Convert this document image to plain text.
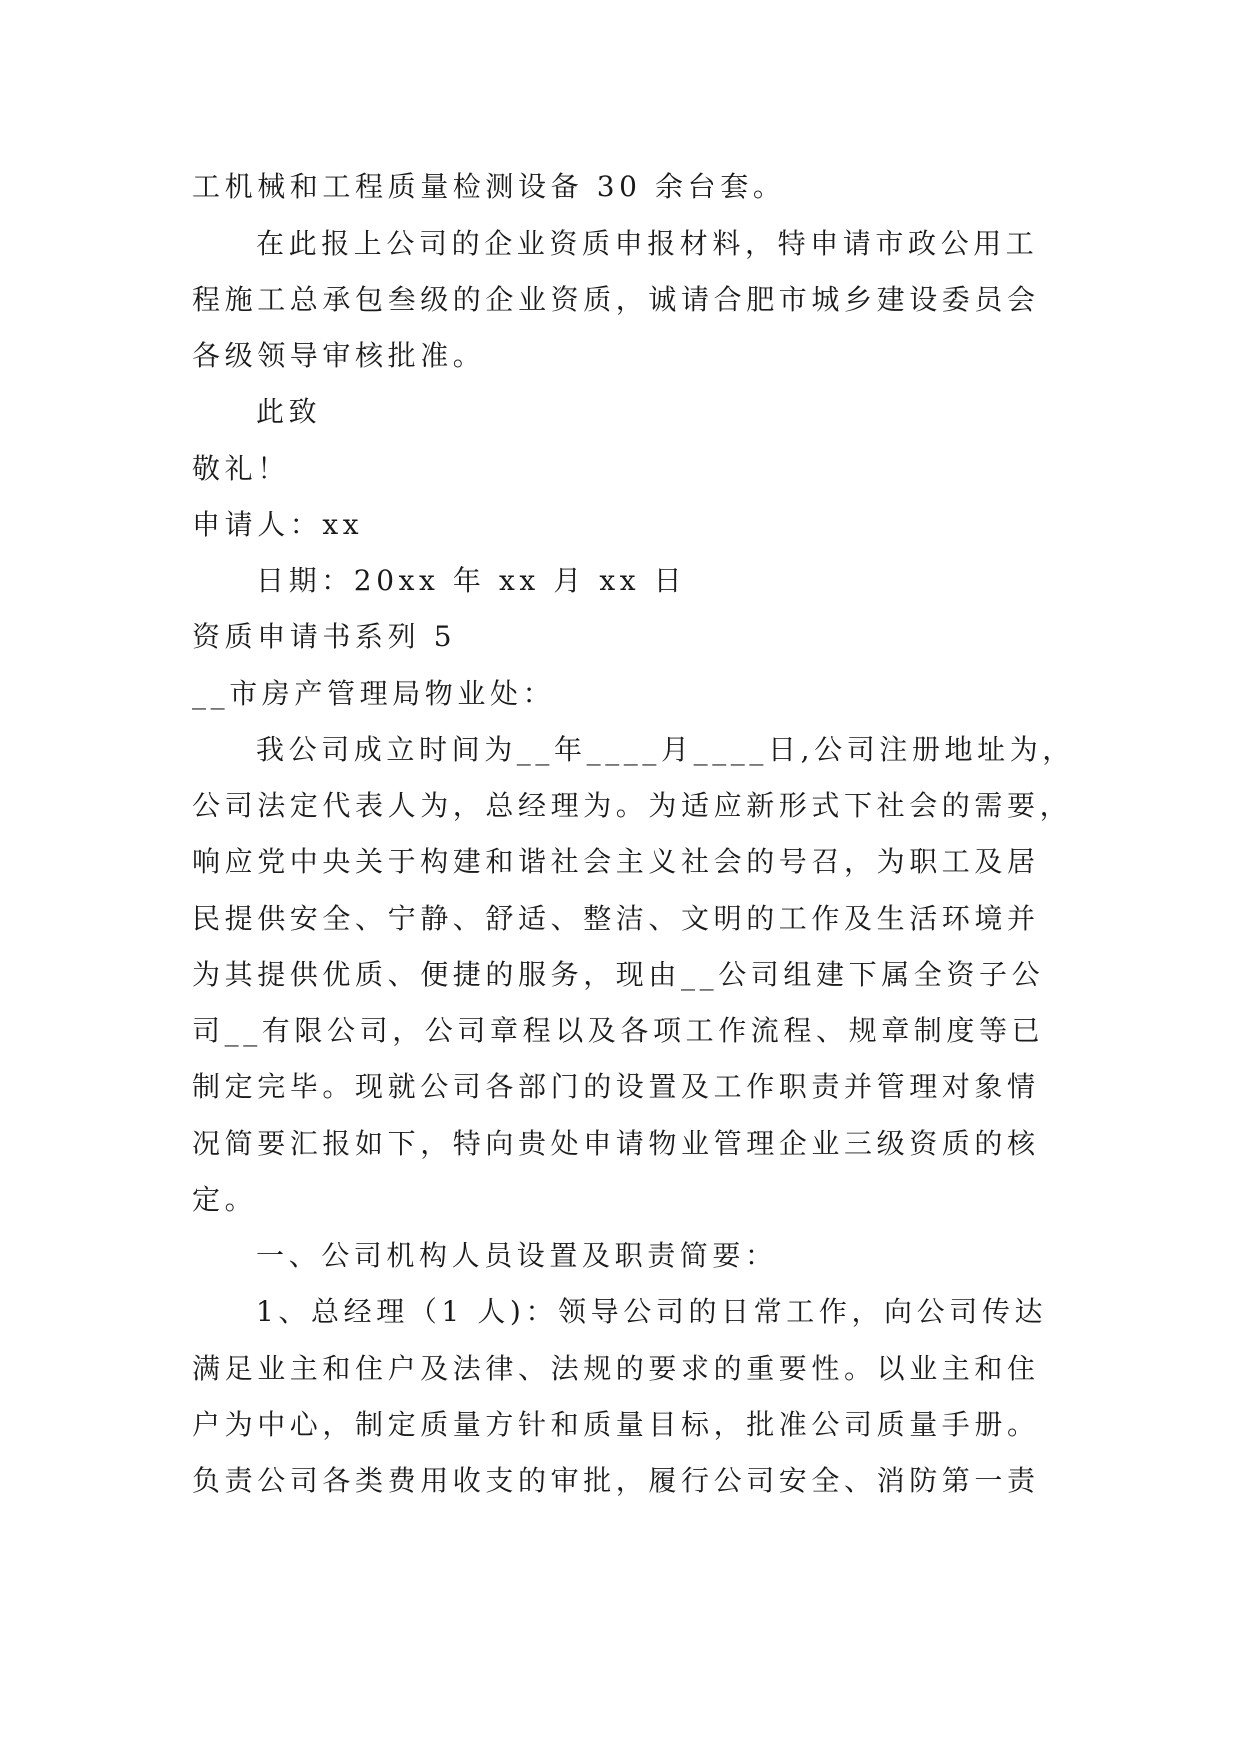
工机械和工程质量检测设备 30 余台套。
在此报上公司的企业资质申报材料，特申请市政公用工
程施工总承包叁级的企业资质，诚请合肥市城乡建设委员会
各级领导审核批准。
此致
敬礼！
申请人：xx
日期：20xx 年 xx 月 xx 日
资质申请书系列 5
__市房产管理局物业处：
我公司成立时间为__年____月____日,公司注册地址为，
公司法定代表人为，总经理为。为适应新形式下社会的需要，
响应党中央关于构建和谐社会主义社会的号召，为职工及居
民提供安全、宁静、舒适、整洁、文明的工作及生活环境并
为其提供优质、便捷的服务，现由__公司组建下属全资子公
司__有限公司，公司章程以及各项工作流程、规章制度等已
制定完毕。现就公司各部门的设置及工作职责并管理对象情
况简要汇报如下，特向贵处申请物业管理企业三级资质的核
定。
一、公司机构人员设置及职责简要：
1、总经理（1 人)：领导公司的日常工作，向公司传达
满足业主和住户及法律、法规的要求的重要性。以业主和住
户为中心，制定质量方针和质量目标，批准公司质量手册。
负责公司各类费用收支的审批，履行公司安全、消防第一责
